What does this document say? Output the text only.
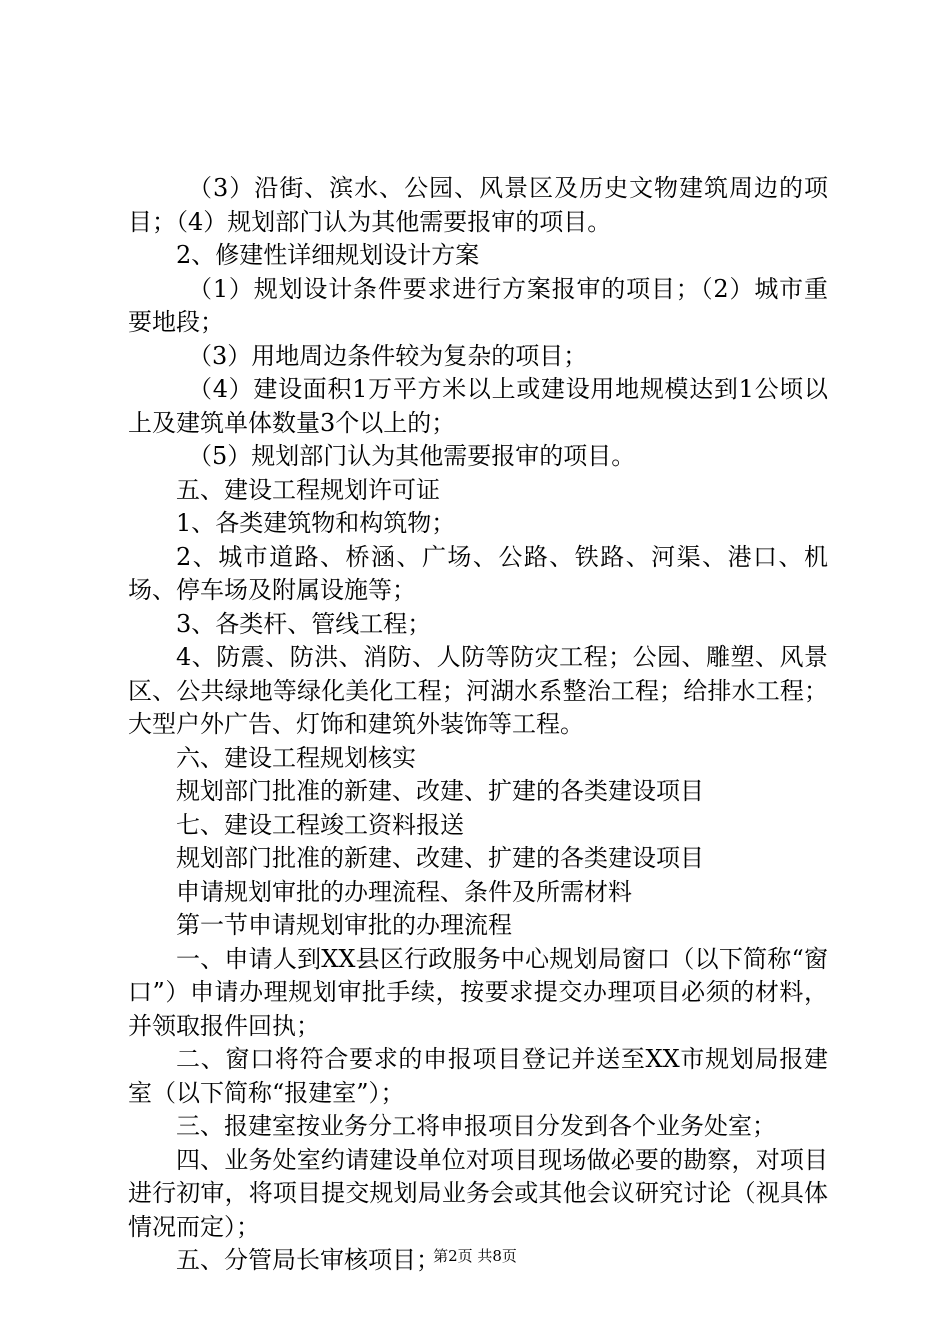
（3）沿街、滨水、公园、风景区及历史文物建筑周边的项目；（4）规划部门认为其他需要报审的项目。

2、修建性详细规划设计方案

（1）规划设计条件要求进行方案报审的项目；（2）城市重要地段；

（3）用地周边条件较为复杂的项目；

（4）建设面积1万平方米以上或建设用地规模达到1公顷以上及建筑单体数量3个以上的；

（5）规划部门认为其他需要报审的项目。

五、建设工程规划许可证

1、各类建筑物和构筑物；

2、城市道路、桥涵、广场、公路、铁路、河渠、港口、机场、停车场及附属设施等；

3、各类杆、管线工程；

4、防震、防洪、消防、人防等防灾工程；公园、雕塑、风景区、公共绿地等绿化美化工程；河湖水系整治工程；给排水工程；大型户外广告、灯饰和建筑外装饰等工程。

六、建设工程规划核实

规划部门批准的新建、改建、扩建的各类建设项目

七、建设工程竣工资料报送

规划部门批准的新建、改建、扩建的各类建设项目

申请规划审批的办理流程、条件及所需材料

第一节申请规划审批的办理流程

一、申请人到XX县区行政服务中心规划局窗口（以下简称“窗口”）申请办理规划审批手续，按要求提交办理项目必须的材料，并领取报件回执；

二、窗口将符合要求的申报项目登记并送至XX市规划局报建室（以下简称“报建室”）；

三、报建室按业务分工将申报项目分发到各个业务处室；

四、业务处室约请建设单位对项目现场做必要的勘察，对项目进行初审，将项目提交规划局业务会或其他会议研究讨论（视具体情况而定）；

五、分管局长审核项目；

第2页 共8页
